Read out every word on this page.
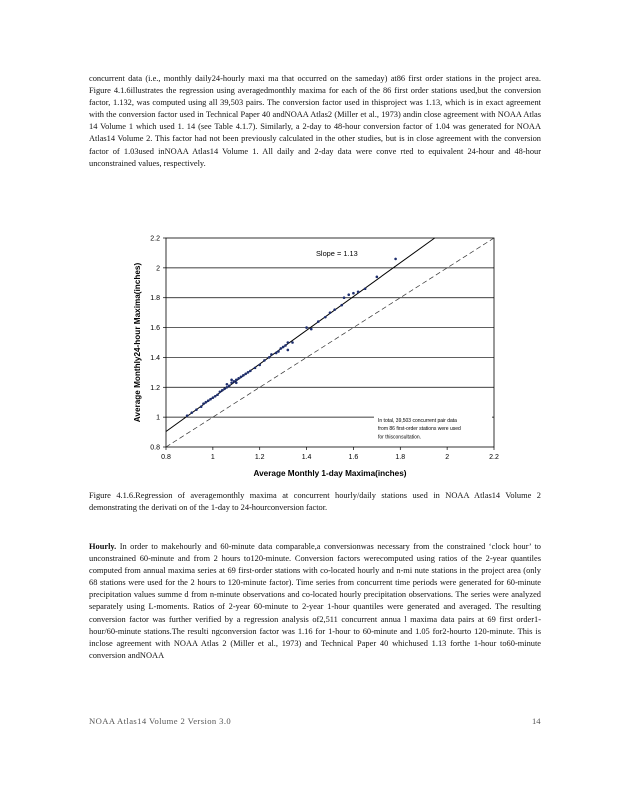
concurrent data (i.e., monthly daily24-hourly maxi ma that occurred on the sameday) at86 first order stations in the project area. Figure 4.1.6illustrates the regression using averagedmonthly maxima for each of the 86 first order stations used,but the conversion factor, 1.132, was computed using all 39,503 pairs. The conversion factor used in thisproject was 1.13, which is in exact agreement with the conversion factor used in Technical Paper 40 andNOAA Atlas2 (Miller et al., 1973) andin close agreement with NOAA Atlas 14 Volume 1 which used 1. 14 (see Table 4.1.7). Similarly, a 2-day to 48-hour conversion factor of 1.04 was generated for NOAA Atlas14 Volume 2. This factor had not been previously calculated in the other studies, but is in close agreement with the conversion factor of 1.03used inNOAA Atlas14 Volume 1. All daily and 2-day data were conve rted to equivalent 24-hour and 48-hour unconstrained values, respectively.

0.8
1
1.2
1.4
1.6
1.8
2
2.2
0.8	1	1.2	1.4	1.6	1.8	2	2.2
Slope = 1.13
In total, 39,503 concurrent pair data
from 86 first-order stations were used
for thisconsultation.
Average Monthly 1-day Maxima(inches)
Average Monthly24-hour Maxima(inches)

Figure 4.1.6.Regression of averagemonthly maxima at concurrent hourly/daily stations used in NOAA Atlas14 Volume 2 demonstrating the derivati on of the 1-day to 24-hourconversion factor.

Hourly. In order to makehourly and 60-minute data comparable,a conversionwas necessary from the constrained ‘clock hour’ to unconstrained 60-minute and from 2 hours to120-minute. Conversion factors werecomputed using ratios of the 2-year quantiles computed from annual maxima series at 69 first-order stations with co-located hourly and n-mi nute stations in the project area (only 68 stations were used for the 2 hours to 120-minute factor). Time series from concurrent time periods were generated for 60-minute precipitation values summe d from n-minute observations and co-located hourly precipitation observations. The series were analyzed separately using L-moments. Ratios of 2-year 60-minute to 2-year 1-hour quantiles were generated and averaged. The resulting conversion factor was further verified by a regression analysis of2,511 concurrent annua l maxima data pairs at 69 first order1-hour/60-minute stations.The resulti ngconversion factor was 1.16 for 1-hour to 60-minute and 1.05 for2-hourto 120-minute. This is inclose agreement with NOAA Atlas 2 (Miller et al., 1973) and Technical Paper 40 whichused 1.13 forthe 1-hour to60-minute conversion andNOAA

NOAA Atlas14 Volume 2 Version 3.0	14
